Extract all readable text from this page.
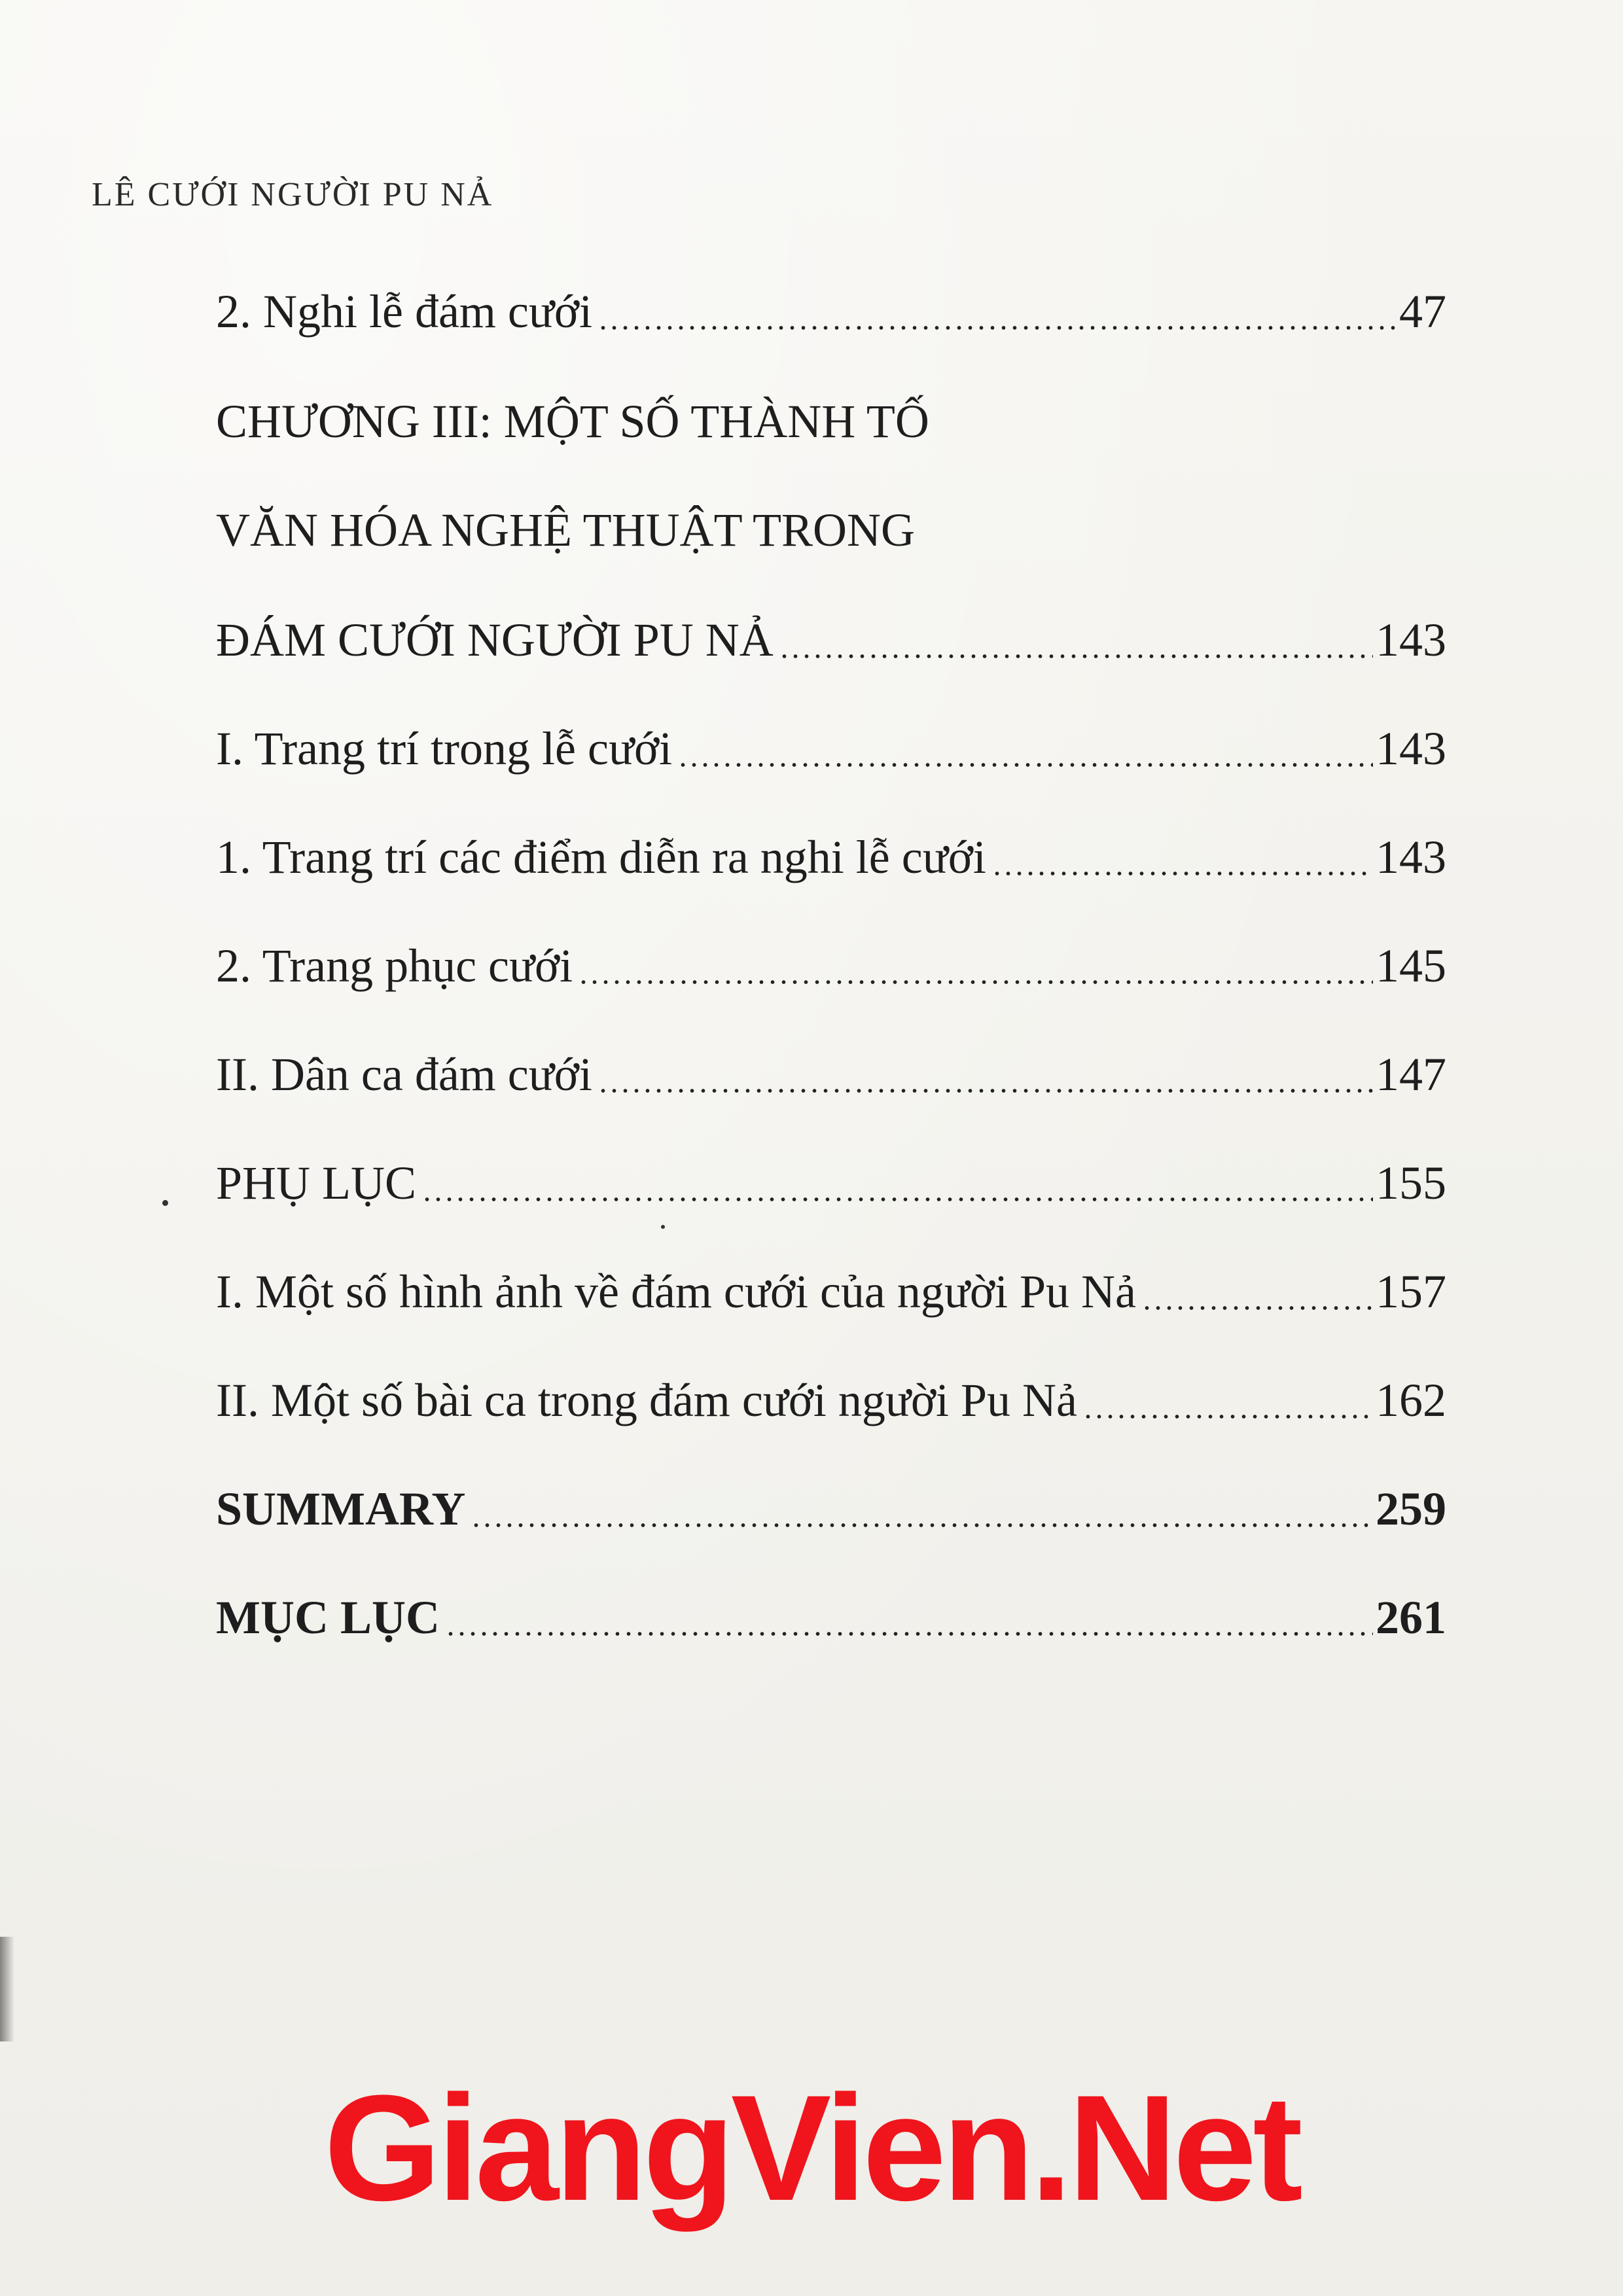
LÊ CƯỚI NGƯỜI PU NẢ
2. Nghi lễ đám cưới	47
CHƯƠNG III: MỘT SỐ THÀNH TỐ
VĂN HÓA NGHỆ THUẬT TRONG
ĐÁM CƯỚI NGƯỜI PU NẢ	143
I. Trang trí trong lễ cưới	143
1. Trang trí các điểm diễn ra nghi lễ cưới	143
2. Trang phục cưới	145
II. Dân ca đám cưới	147
PHỤ LỤC	155
I. Một số hình ảnh về đám cưới của người Pu Nả	157
II. Một số bài ca trong đám cưới người Pu Nả	162
SUMMARY	259
MỤC LỤC	261
GiangVien.Net
